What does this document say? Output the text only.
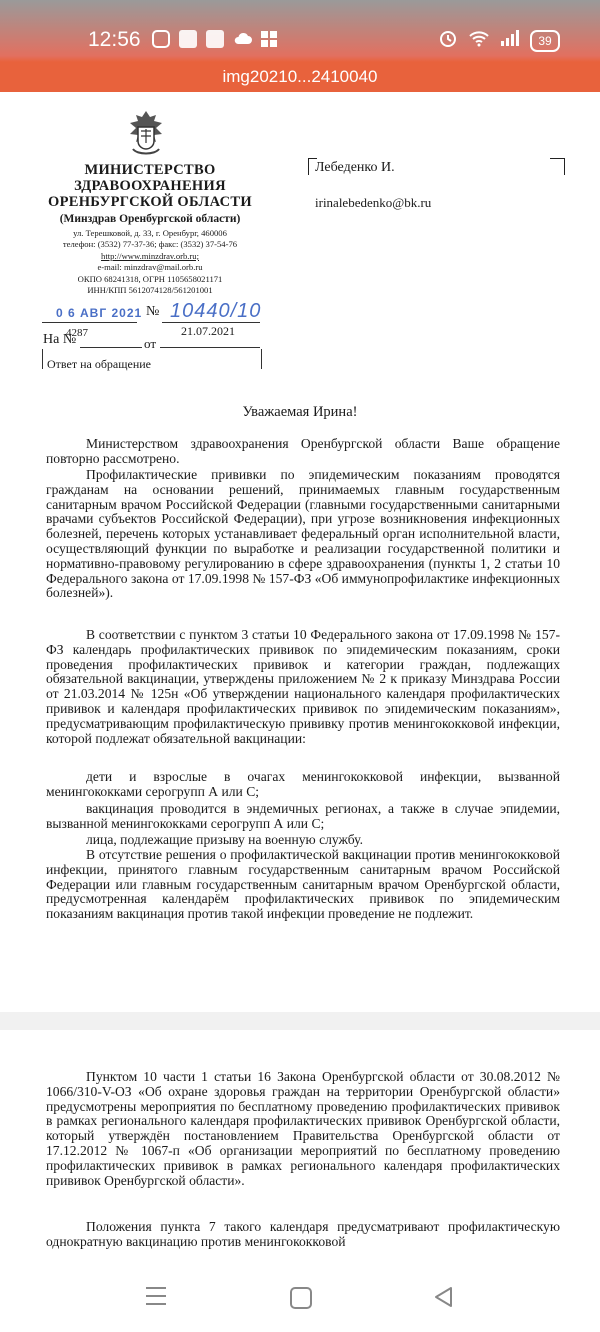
12:56	39
img20210...2410040
МИНИСТЕРСТВО
ЗДРАВООХРАНЕНИЯ
ОРЕНБУРГСКОЙ ОБЛАСТИ
(Минздрав Оренбургской области)
ул. Терешковой, д. 33, г. Оренбург, 460006
телефон: (3532) 77-37-36; факс: (3532) 37-54-76
http://www.minzdrav.orb.ru;
e-mail: minzdrav@mail.orb.ru
ОКПО 68241318, ОГРН 1105658021171
ИНН/КПП 5612074128/561201001
0 6 АВГ 2021 № 10440/10
На №
4287
от
21.07.2021
Ответ на обращение
Лебеденко И.
irinalebedenko@bk.ru
Уважаемая Ирина!

Министерством здравоохранения Оренбургской области Ваше обращение повторно рассмотрено.

Профилактические прививки по эпидемическим показаниям проводятся гражданам на основании решений, принимаемых главным государственным санитарным врачом Российской Федерации (главными государственными санитарными врачами субъектов Российской Федерации), при угрозе возникновения инфекционных болезней, перечень которых устанавливает федеральный орган исполнительной власти, осуществляющий функции по выработке и реализации государственной политики и нормативно-правовому регулированию в сфере здравоохранения (пункты 1, 2 статьи 10 Федерального закона от 17.09.1998 № 157-ФЗ «Об иммунопрофилактике инфекционных болезней»).

В соответствии с пунктом 3 статьи 10 Федерального закона от 17.09.1998 № 157-ФЗ календарь профилактических прививок по эпидемическим показаниям, сроки проведения профилактических прививок и категории граждан, подлежащих обязательной вакцинации, утверждены приложением № 2 к приказу Минздрава России от 21.03.2014 № 125н «Об утверждении национального календаря профилактических прививок и календаря профилактических прививок по эпидемическим показаниям», предусматривающим профилактическую прививку против менингококковой инфекции, которой подлежат обязательной вакцинации:

дети и взрослые в очагах менингококковой инфекции, вызванной менингококками серогрупп А или С;

вакцинация проводится в эндемичных регионах, а также в случае эпидемии, вызванной менингококками серогрупп А или С;

лица, подлежащие призыву на военную службу.

В отсутствие решения о профилактической вакцинации против менингококковой инфекции, принятого главным государственным санитарным врачом Российской Федерации или главным государственным санитарным врачом Оренбургской области, предусмотренная календарём профилактических прививок по эпидемическим показаниям вакцинация против такой инфекции проведение не подлежит.

Пунктом 10 части 1 статьи 16 Закона Оренбургской области от 30.08.2012 № 1066/310-V-ОЗ «Об охране здоровья граждан на территории Оренбургской области» предусмотрены мероприятия по бесплатному проведению профилактических прививок в рамках регионального календаря профилактических прививок Оренбургской области, который утверждён постановлением Правительства Оренбургской области от 17.12.2012 № 1067-п «Об организации мероприятий по бесплатному проведению профилактических прививок в рамках регионального календаря профилактических прививок Оренбургской области».

Положения пункта 7 такого календаря предусматривают профилактическую однократную вакцинацию против менингококковой
